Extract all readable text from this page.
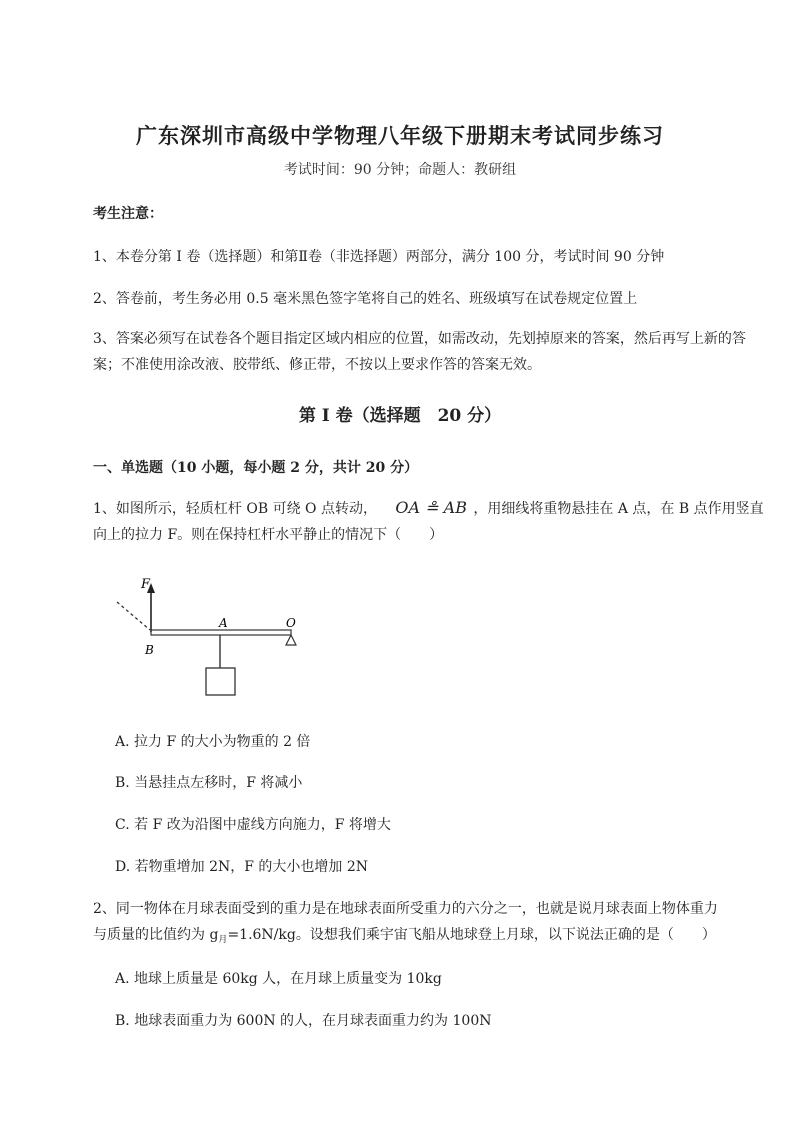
广东深圳市高级中学物理八年级下册期末考试同步练习
考试时间：90 分钟；命题人：教研组
考生注意：
1、本卷分第 I 卷（选择题）和第Ⅱ卷（非选择题）两部分，满分 100 分，考试时间 90 分钟
2、答卷前，考生务必用 0.5 毫米黑色签字笔将自己的姓名、班级填写在试卷规定位置上
3、答案必须写在试卷各个题目指定区域内相应的位置，如需改动，先划掉原来的答案，然后再写上新的答案；不准使用涂改液、胶带纸、修正带，不按以上要求作答的答案无效。
第 I 卷（选择题　20 分）
一、单选题（10 小题，每小题 2 分，共计 20 分）
1、如图所示，轻质杠杆 OB 可绕 O 点转动， OA ≗ AB ，用细线将重物悬挂在 A 点，在 B 点作用竖直
向上的拉力 F。则在保持杠杆水平静止的情况下（　　）
F
A	O
B
A. 拉力 F 的大小为物重的 2 倍
B. 当悬挂点左移时，F 将减小
C. 若 F 改为沿图中虚线方向施力，F 将增大
D. 若物重增加 2N，F 的大小也增加 2N
2、同一物体在月球表面受到的重力是在地球表面所受重力的六分之一，也就是说月球表面上物体重力
与质量的比值约为 $g_月=1.6N/kg$。设想我们乘宇宙飞船从地球登上月球，以下说法正确的是（　　）
A. 地球上质量是 60kg 人，在月球上质量变为 10kg
B. 地球表面重力为 600N 的人，在月球表面重力约为 100N
